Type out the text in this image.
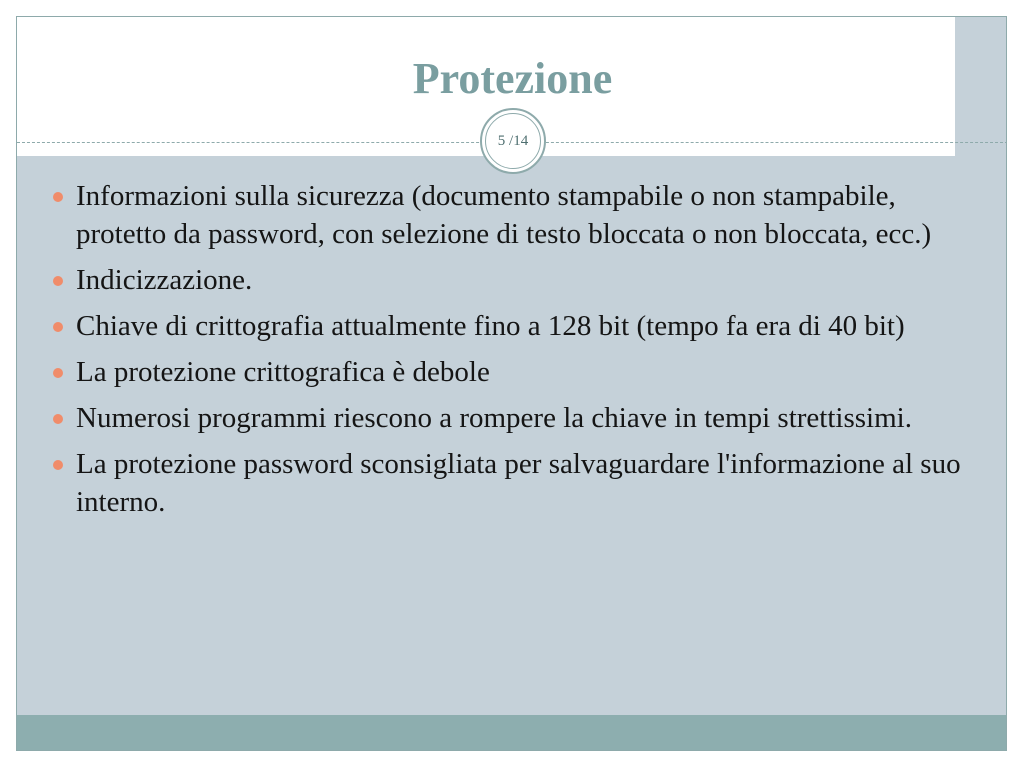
Protezione
5 / 14
Informazioni sulla sicurezza (documento stampabile o non stampabile, protetto da password, con selezione di testo bloccata o non bloccata, ecc.)
Indicizzazione.
Chiave di crittografia attualmente fino a 128 bit (tempo fa era di 40 bit)
La protezione crittografica è debole
Numerosi programmi riescono a rompere la chiave in tempi strettissimi.
La protezione password sconsigliata per salvaguardare l'informazione al suo interno.
